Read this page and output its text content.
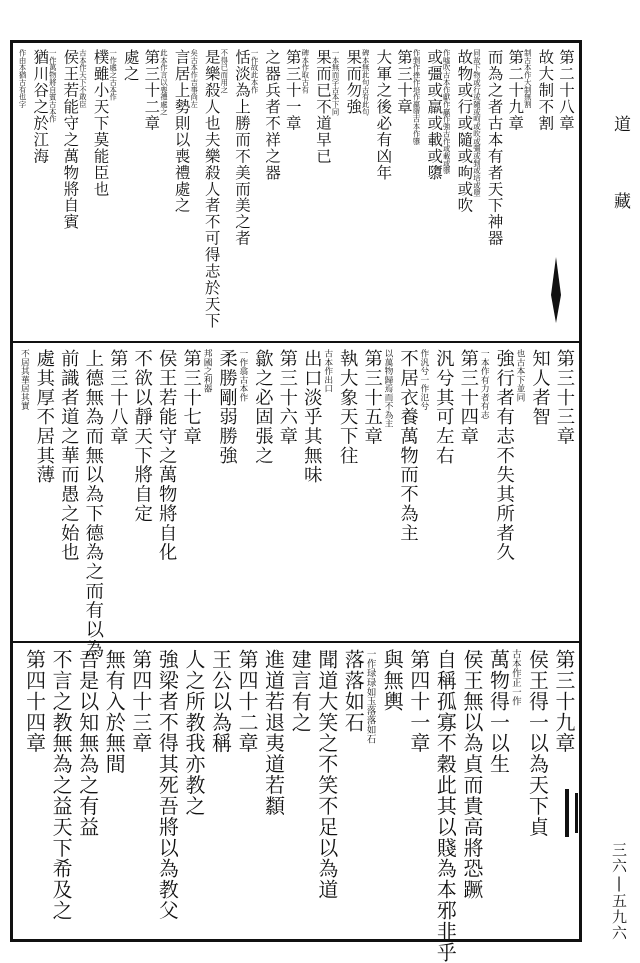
第二十八章
故大制不割
制古本作大制無割
第二十九章
而為之者古本有者天下神器
同故下物或行或隨或呴或吹或彊或剉或培或墮
故物或行或隨或呴或吹
作噓吹古本作獻作贏作強古作或載或隳
或彊或羸或載或隳
作剉作挫作培作羸墮古本作隳
第三十章
大軍之後必有凶年
碑本無此句古有此句
果而勿強
一本無而字古本下同
果而已不道早已
碑本作取古有
第三十一章
之器兵者不祥之器
一作故此本作
恬淡為上勝而不美而美之者
不得已而用之
是樂殺人也夫樂殺人者不可得志於天下
矣古本作吉事尚左
言居上勢則以喪禮處之
此本作言以喪禮處之
第三十二章
處之
一作處之古本作
樸雖小天下莫能臣也
古本作天下不敢臣
侯王若能守之萬物將自賓
一作萬物將自賓古本作
猶川谷之於江海
作由本猶古有也字
第三十三章
知人者智
也古本下並同
強行者有志不失其所者久
一本作有力者有志
第三十四章
汎兮其可左右
作汎兮一作氾兮
不居衣養萬物而不為主
以萬物歸焉而不為主
第三十五章
執大象天下往
古本作出口
出口淡乎其無味
第三十六章
歙之必固張之
一作翕古本作
柔勝剛弱勝強
邦國之利器
第三十七章
侯王若能守之萬物將自化
不欲以靜天下將自定
第三十八章
上德無為而無以為下德為之而有以為
前識者道之華而愚之始也
處其厚不居其薄
不居其華居其實
第三十九章
侯王得一以為天下貞
古本作正一作
萬物得一以生
侯王無以為貞而貴高將恐蹶
自稱孤寡不穀此其以賤為本邪非乎
第四十一章
與無輿
一作琭琭如玉落落如石
落落如石
聞道大笑之不笑不足以為道
建言有之
進道若退夷道若纇
第四十二章
王公以為稱
人之所教我亦教之
強梁者不得其死吾將以為教父
第四十三章
無有入於無間
吾是以知無為之有益
不言之教無為之益天下希及之
第四十四章
道 藏
三六|五九六
